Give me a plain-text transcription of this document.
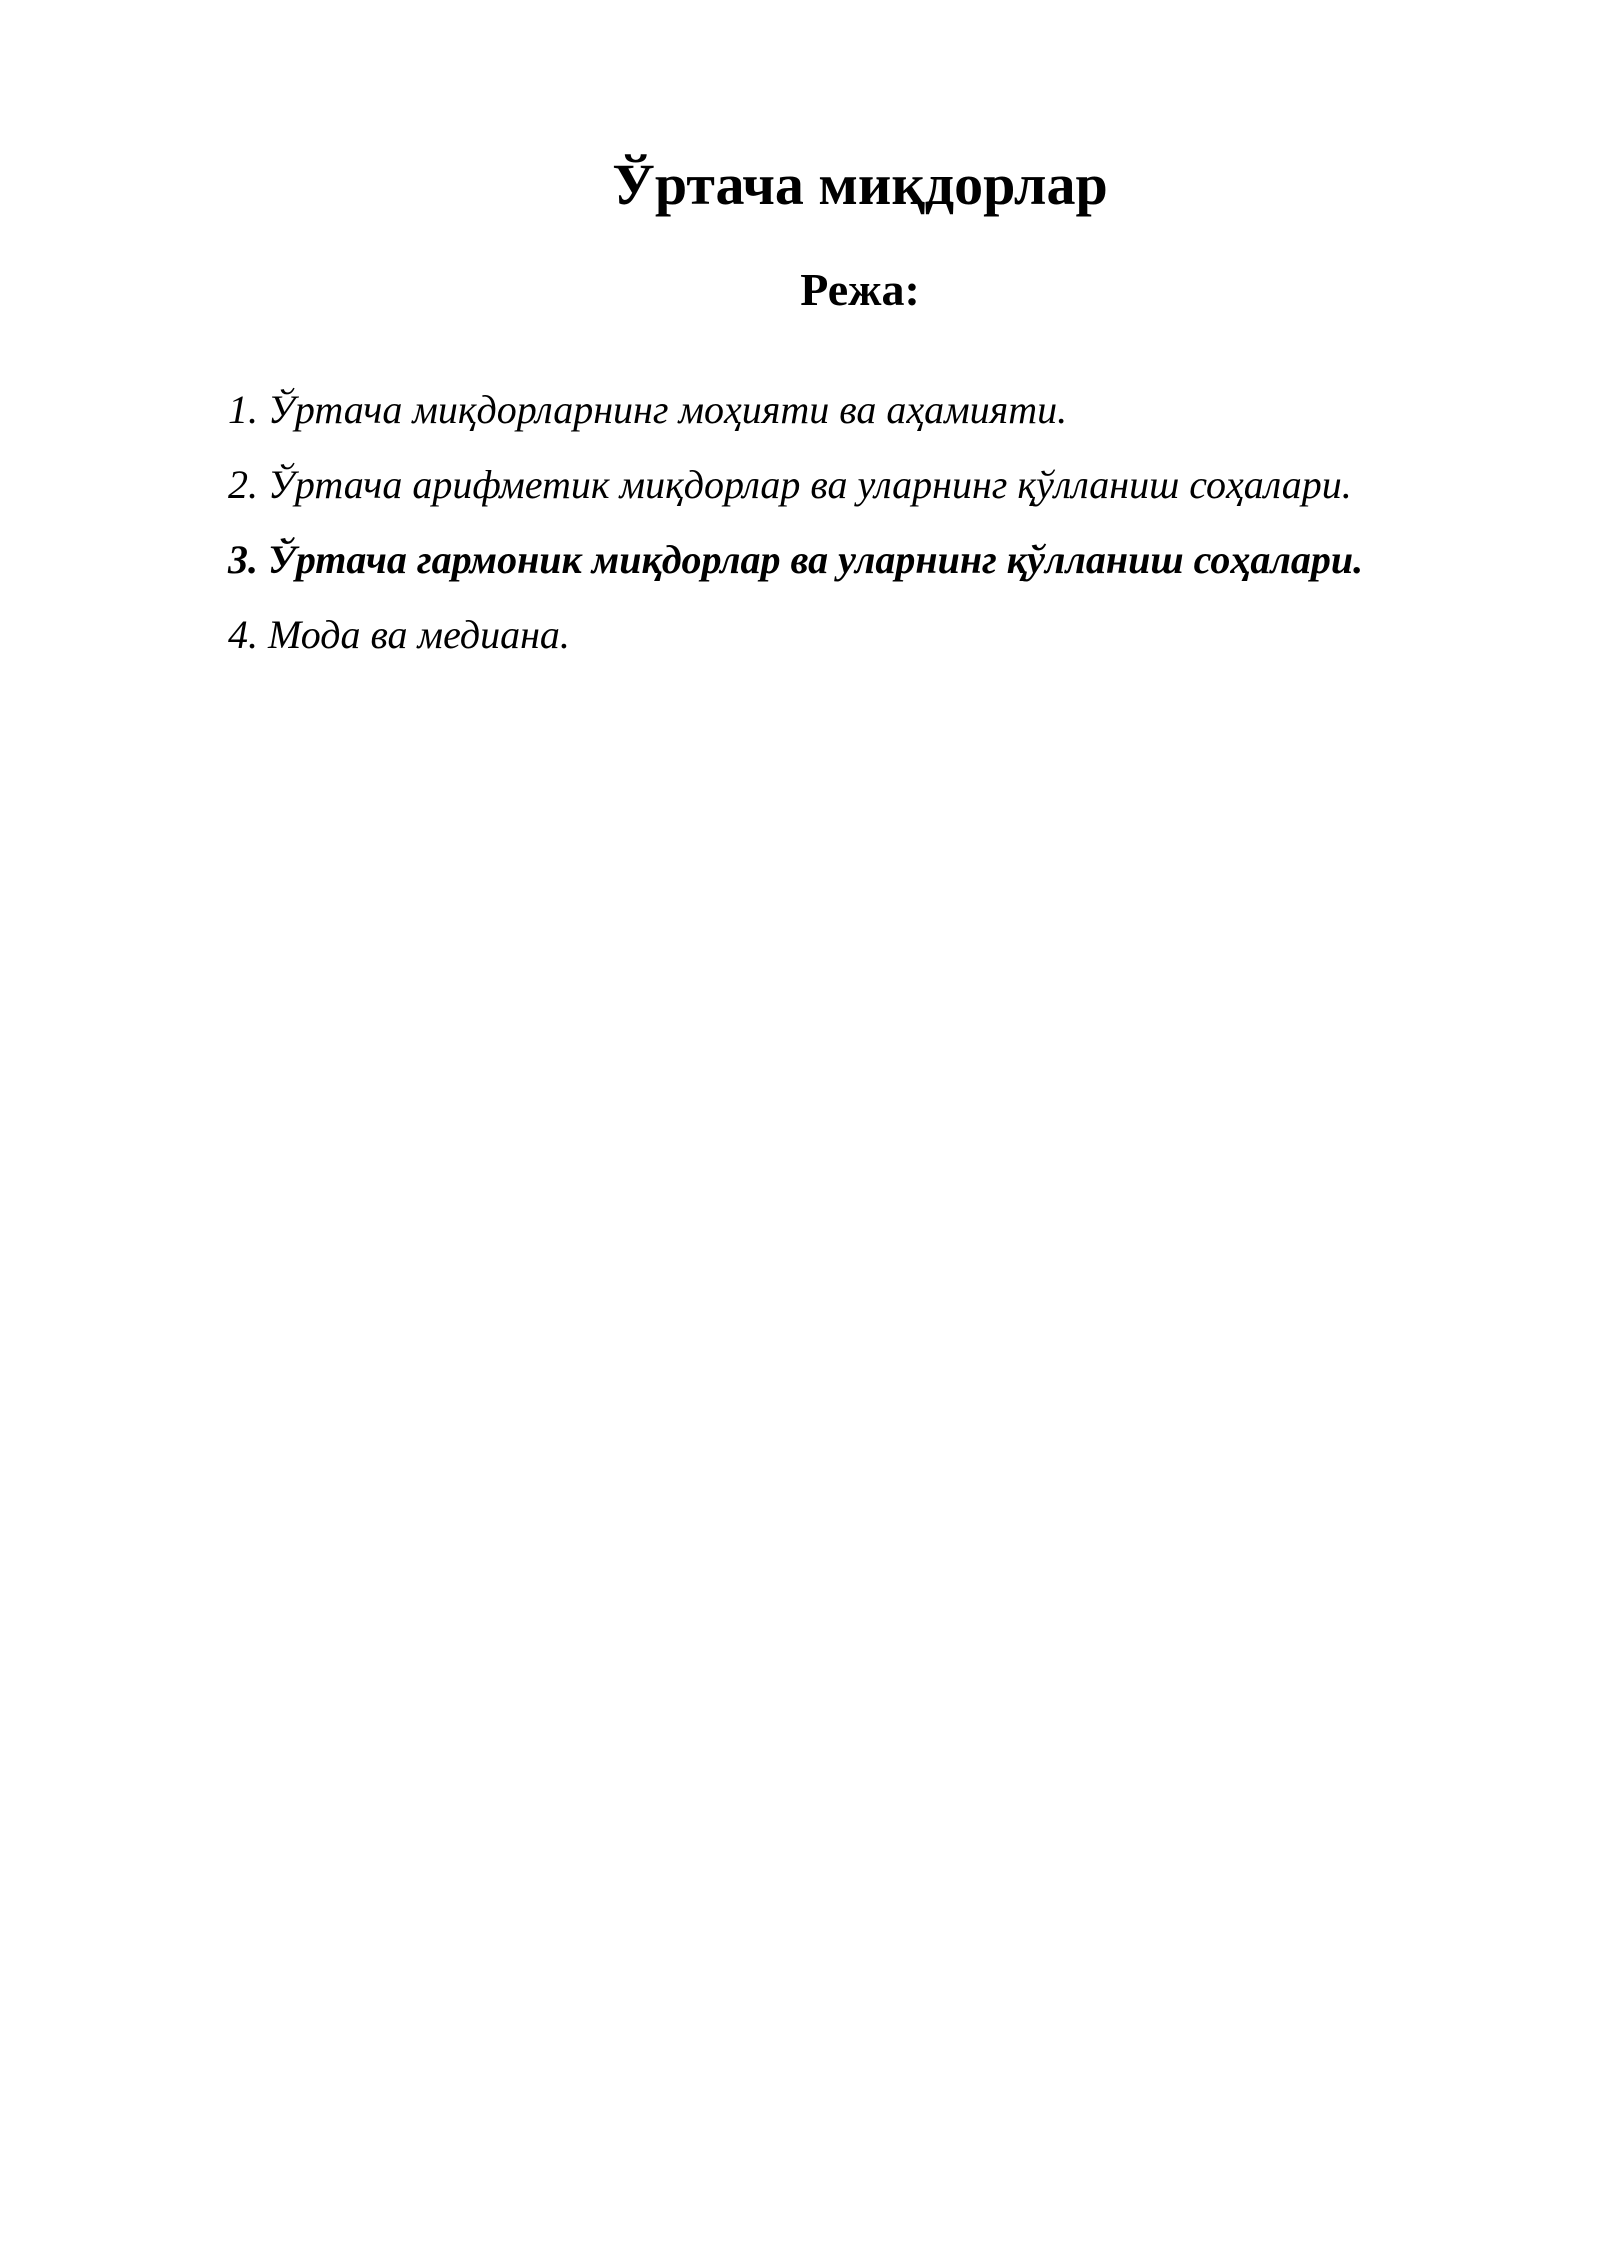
Ўртача миқдорлар
Режа:
1. Ўртача миқдорларнинг моҳияти ва аҳамияти.
2. Ўртача арифметик миқдорлар ва уларнинг қўлланиш соҳалари.
3. Ўртача гармоник миқдорлар ва уларнинг қўлланиш соҳалари.
4. Мода ва медиана.
